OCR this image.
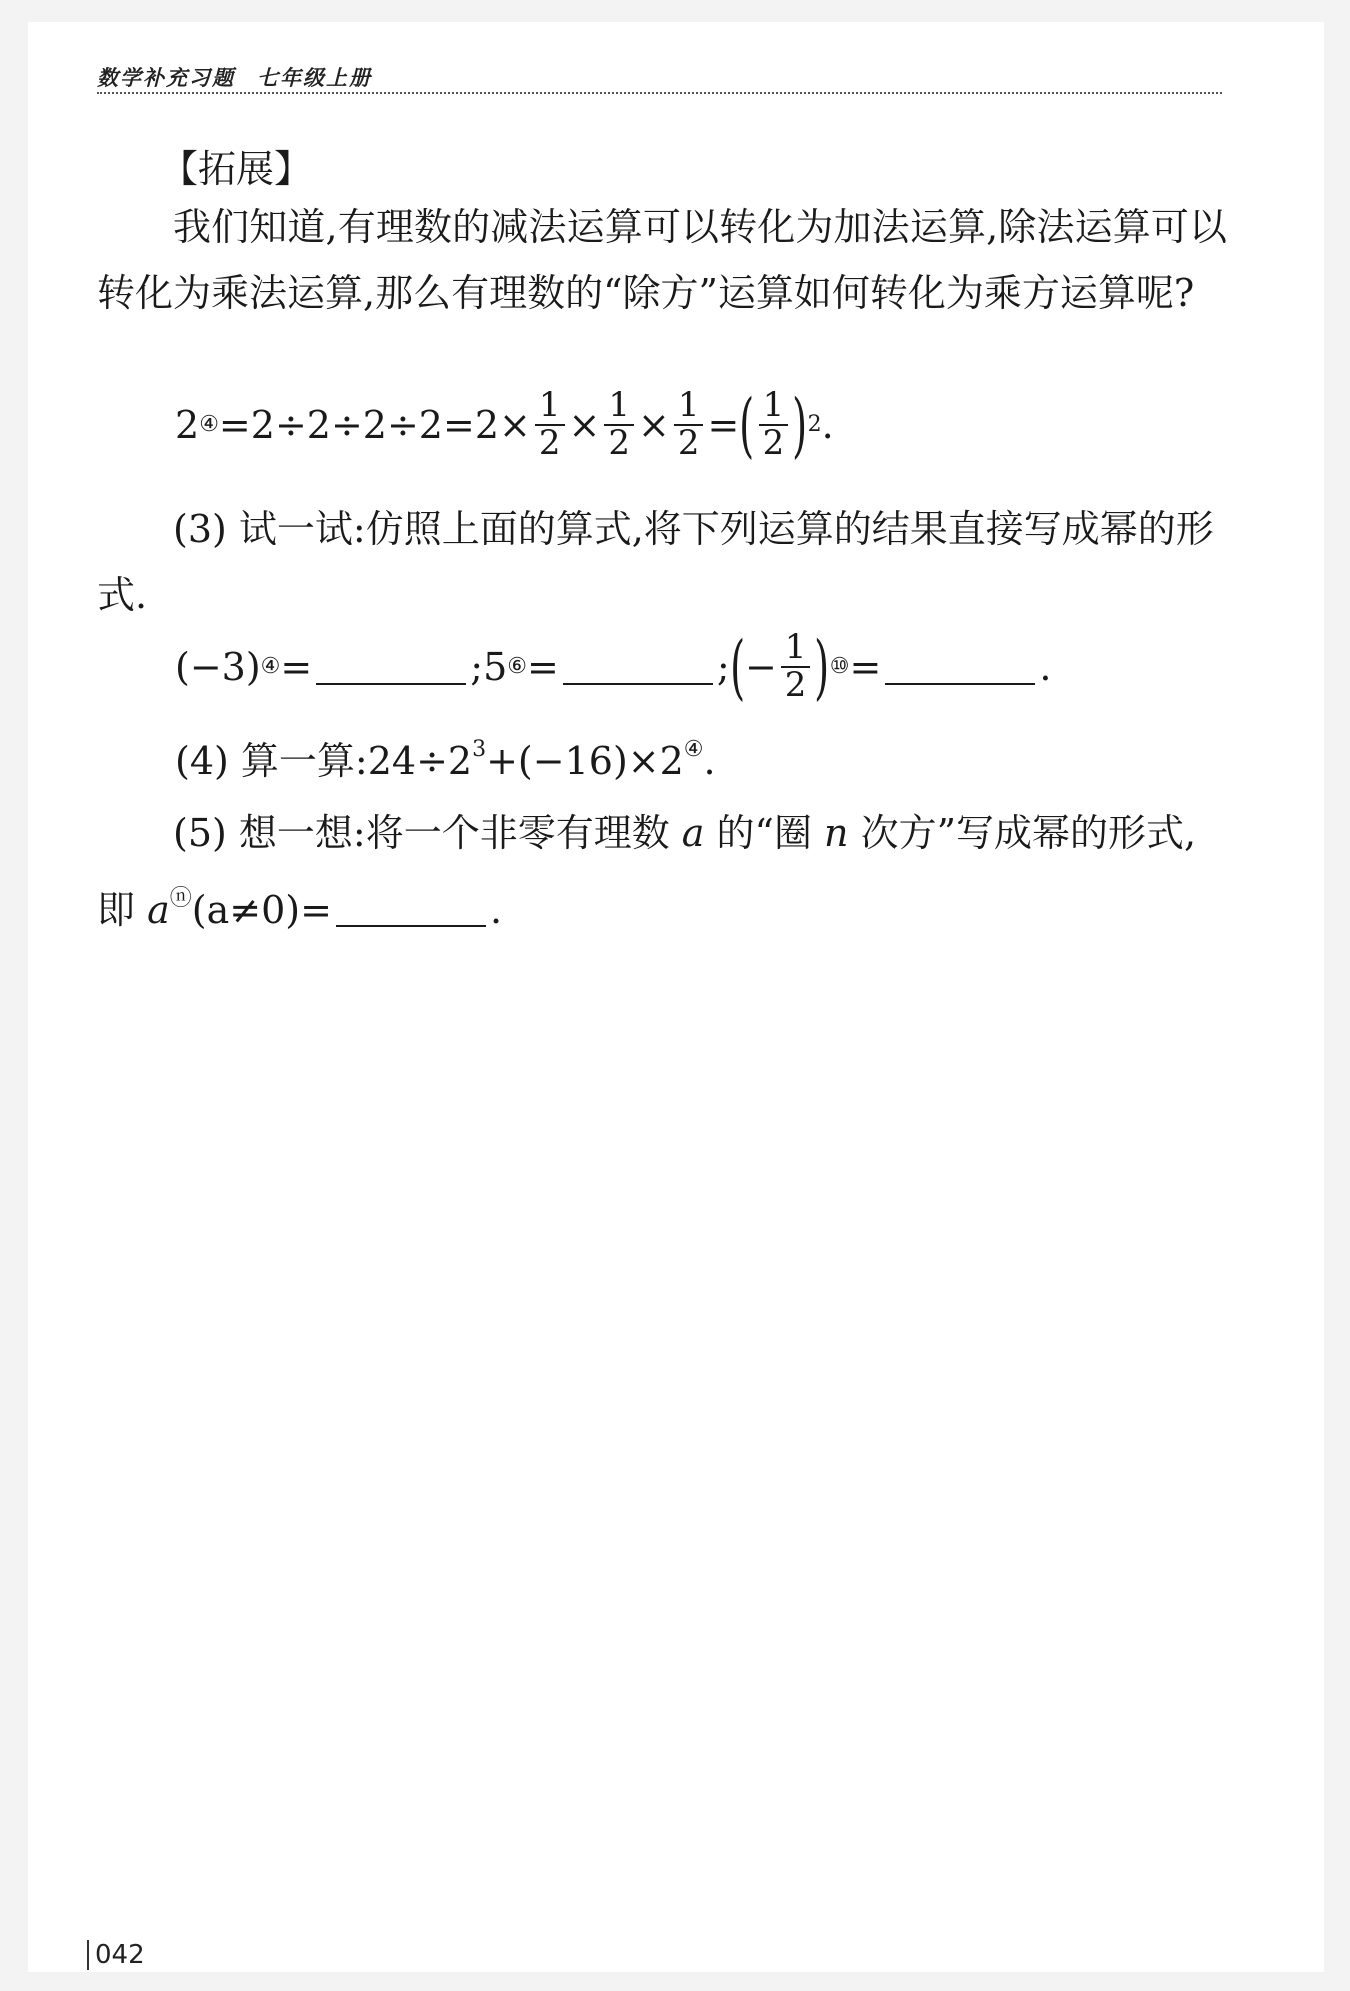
数学补充习题 七年级上册
【拓展】
我们知道,有理数的减法运算可以转化为加法运算,除法运算可以转化为乘法运算,那么有理数的“除方”运算如何转化为乘方运算呢?
2 ④ $=2\div 2\div 2\div 2=2\times \frac{1}{2} \times \frac{1}{2} \times \frac{1}{2}$ = ( $\frac{1}{2}$ ) 2 .
(3) 试一试:仿照上面的算式,将下列运算的结果直接写成幂的形式.
(−3) ④ =	; 5 ⑥ =	; ( − $\frac{1}{2}$ ) ⑩ =	.
(4) 算一算$:24\div 2^3+(-16)\times 2^④$.
(5) 想一想:将一个非零有理数 a 的“圈 n 次方”写成幂的形式,即 aⓝ(a≠0)=	.
042
